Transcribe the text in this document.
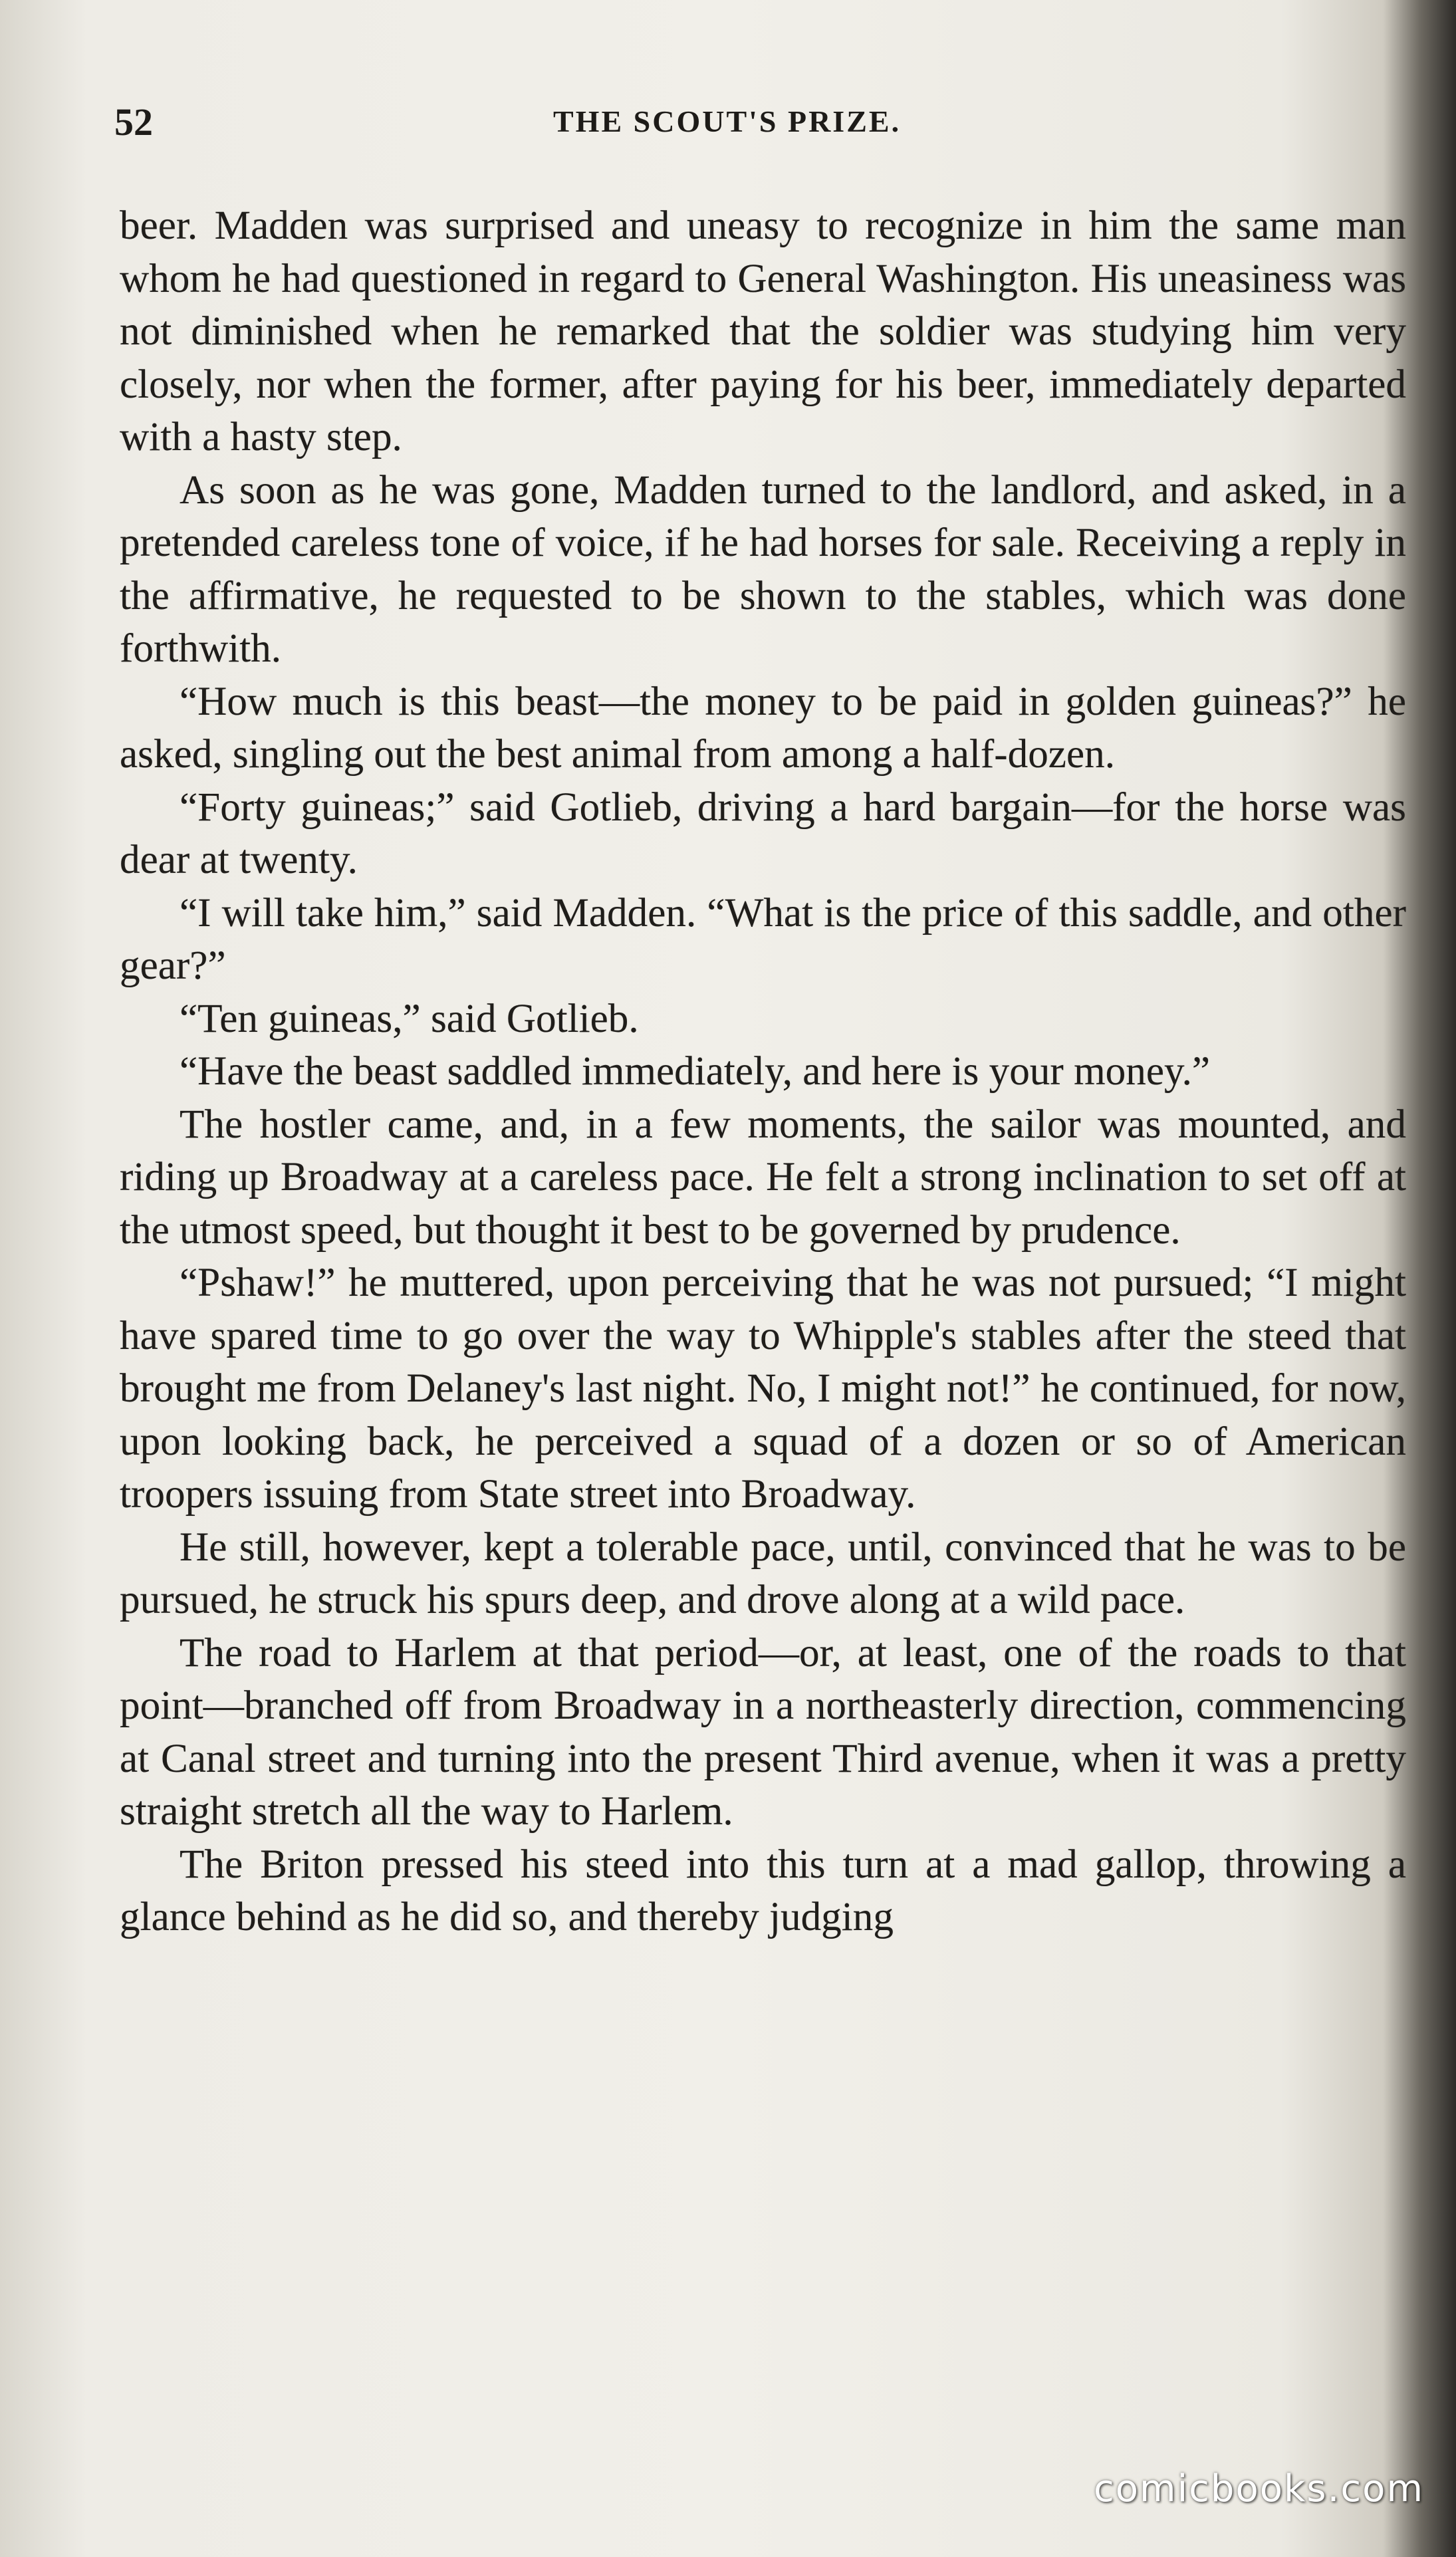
52	THE SCOUT'S PRIZE.

beer. Madden was surprised and uneasy to recognize in him the same man whom he had questioned in regard to General Washington. His uneasiness was not diminished when he remarked that the soldier was studying him very closely, nor when the former, after paying for his beer, immediately departed with a hasty step.

As soon as he was gone, Madden turned to the landlord, and asked, in a pretended careless tone of voice, if he had horses for sale. Receiving a reply in the affirmative, he requested to be shown to the stables, which was done forthwith.

“How much is this beast—the money to be paid in golden guineas?” he asked, singling out the best animal from among a half-dozen.

“Forty guineas;” said Gotlieb, driving a hard bargain—for the horse was dear at twenty.

“I will take him,” said Madden. “What is the price of this saddle, and other gear?”

“Ten guineas,” said Gotlieb.

“Have the beast saddled immediately, and here is your money.”

The hostler came, and, in a few moments, the sailor was mounted, and riding up Broadway at a careless pace. He felt a strong inclination to set off at the utmost speed, but thought it best to be governed by prudence.

“Pshaw!” he muttered, upon perceiving that he was not pursued; “I might have spared time to go over the way to Whipple's stables after the steed that brought me from Delaney's last night. No, I might not!” he continued, for now, upon looking back, he perceived a squad of a dozen or so of American troopers issuing from State street into Broadway.

He still, however, kept a tolerable pace, until, convinced that he was to be pursued, he struck his spurs deep, and drove along at a wild pace.

The road to Harlem at that period—or, at least, one of the roads to that point—branched off from Broadway in a northeasterly direction, commencing at Canal street and turning into the present Third avenue, when it was a pretty straight stretch all the way to Harlem.

The Briton pressed his steed into this turn at a mad gallop, throwing a glance behind as he did so, and thereby judging

comicbooks.com
